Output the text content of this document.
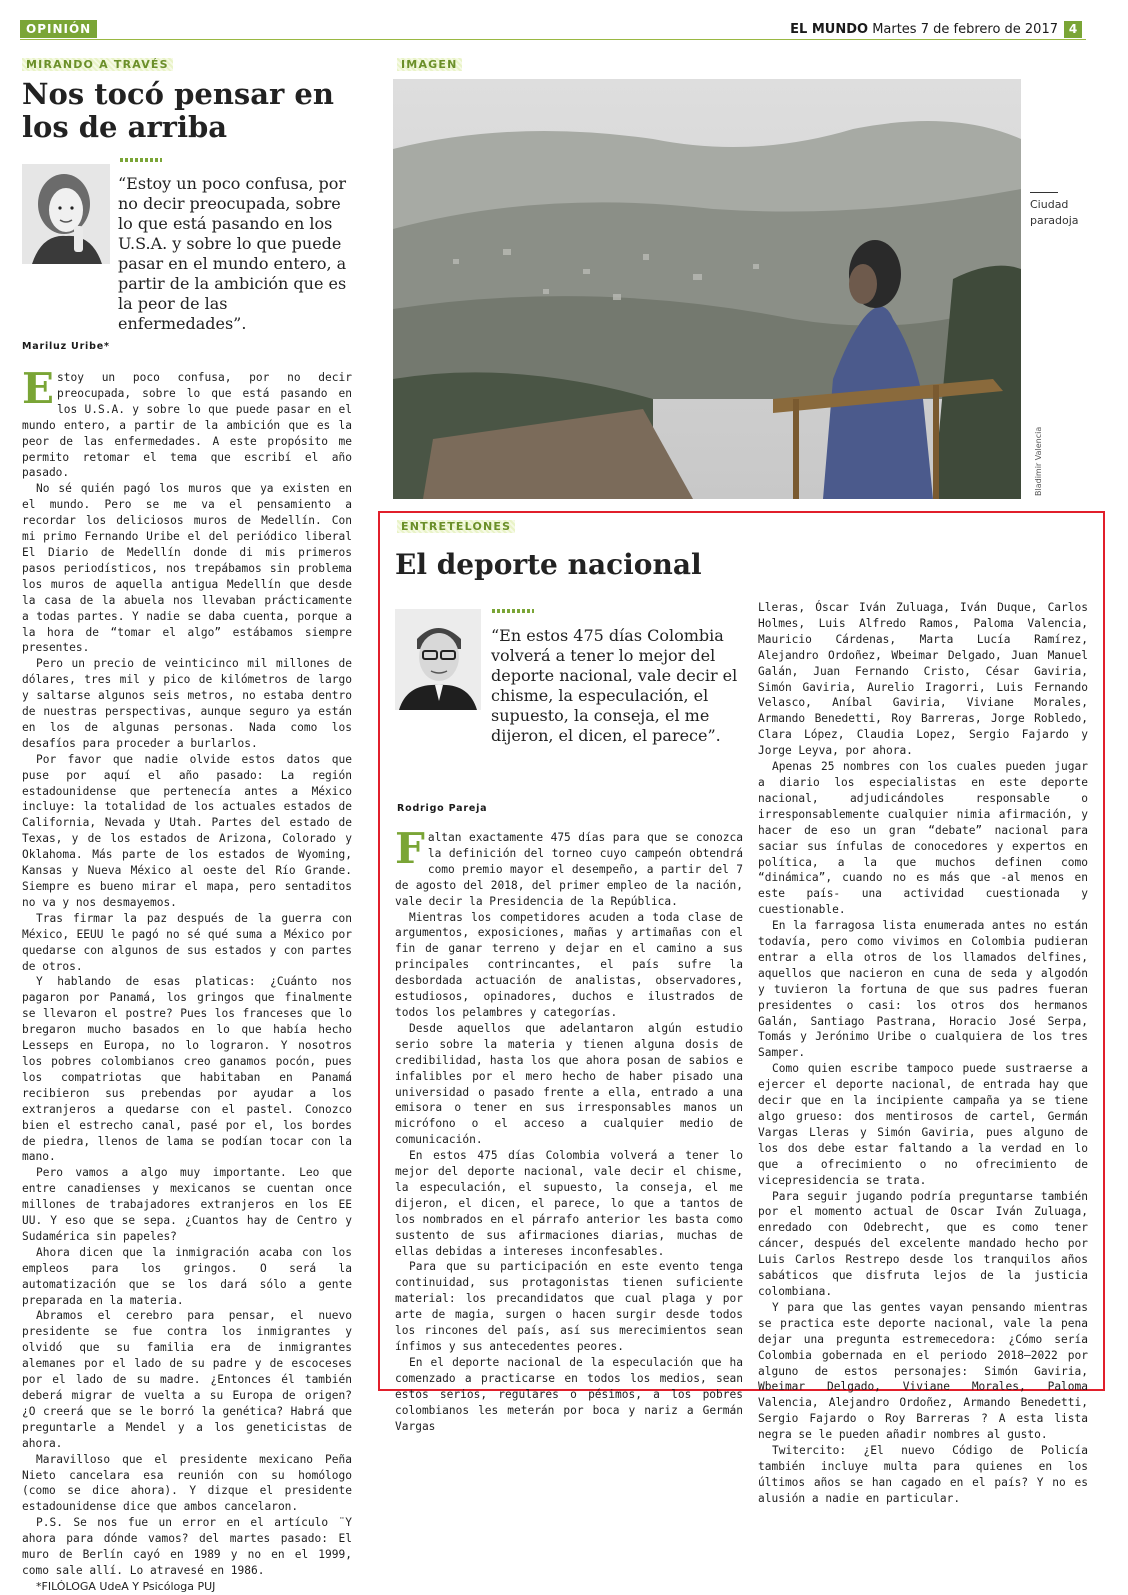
OPINIÓN	EL MUNDO Martes 7 de febrero de 2017 4
MIRANDO A TRAVÉS
Nos tocó pensar en los de arriba

“Estoy un poco confusa, por no decir preocupada, sobre lo que está pasando en los U.S.A. y sobre lo que puede pasar en el mundo entero, a partir de la ambición que es la peor de las enfermedades”.

Mariluz Uribe*

Estoy un poco confusa, por no decir preocupada, sobre lo que está pasando en los U.S.A. y sobre lo que puede pasar en el mundo entero, a partir de la ambición que es la peor de las enfermedades. A este propósito me permito retomar el tema que escribí el año pasado.

No sé quién pagó los muros que ya existen en el mundo. Pero se me va el pensamiento a recordar los deliciosos muros de Medellín. Con mi primo Fernando Uribe el del periódico liberal El Diario de Medellín donde di mis primeros pasos periodísticos, nos trepábamos sin problema los muros de aquella antigua Medellín que desde la casa de la abuela nos llevaban prácticamente a todas partes. Y nadie se daba cuenta, porque a la hora de “tomar el algo” estábamos siempre presentes.

Pero un precio de veinticinco mil millones de dólares, tres mil y pico de kilómetros de largo y saltarse algunos seis metros, no estaba dentro de nuestras perspectivas, aunque seguro ya están en los de algunas personas. Nada como los desafíos para proceder a burlarlos.

Por favor que nadie olvide estos datos que puse por aquí el año pasado: La región estadounidense que pertenecía antes a México incluye: la totalidad de los actuales estados de California, Nevada y Utah. Partes del estado de Texas, y de los estados de Arizona, Colorado y Oklahoma. Más parte de los estados de Wyoming, Kansas y Nueva México al oeste del Río Grande. Siempre es bueno mirar el mapa, pero sentaditos no va y nos desmayemos.

Tras firmar la paz después de la guerra con México, EEUU le pagó no sé qué suma a México por quedarse con algunos de sus estados y con partes de otros.

Y hablando de esas platicas: ¿Cuánto nos pagaron por Panamá, los gringos que finalmente se llevaron el postre? Pues los franceses que lo bregaron mucho basados en lo que había hecho Lesseps en Europa, no lo lograron. Y nosotros los pobres colombianos creo ganamos pocón, pues los compatriotas que habitaban en Panamá recibieron sus prebendas por ayudar a los extranjeros a quedarse con el pastel. Conozco bien el estrecho canal, pasé por el, los bordes de piedra, llenos de lama se podían tocar con la mano.

Pero vamos a algo muy importante. Leo que entre canadienses y mexicanos se cuentan once millones de trabajadores extranjeros en los EE UU. Y eso que se sepa. ¿Cuantos hay de Centro y Sudamérica sin papeles?

Ahora dicen que la inmigración acaba con los empleos para los gringos. O será la automatización que se los dará sólo a gente preparada en la materia.

Abramos el cerebro para pensar, el nuevo presidente se fue contra los inmigrantes y olvidó que su familia era de inmigrantes alemanes por el lado de su padre y de escoceses por el lado de su madre. ¿Entonces él también deberá migrar de vuelta a su Europa de origen? ¿O creerá que se le borró la genética? Habrá que preguntarle a Mendel y a los geneticistas de ahora.

Maravilloso que el presidente mexicano Peña Nieto cancelara esa reunión con su homólogo (como se dice ahora). Y dizque el presidente estadounidense dice que ambos cancelaron.

P.S. Se nos fue un error en el artículo ¨Y ahora para dónde vamos? del martes pasado: El muro de Berlín cayó en 1989 y no en el 1999, como sale allí. Lo atravesé en 1986.

*FILÓLOGA UdeA Y Psicóloga PUJ

IMAGEN
Ciudad paradoja
Bladimir Valencia
ENTRETELONES
El deporte nacional

“En estos 475 días Colombia volverá a tener lo mejor del deporte nacional, vale decir el chisme, la especulación, el supuesto, la conseja, el me dijeron, el dicen, el parece”.

Rodrigo Pareja

Faltan exactamente 475 días para que se conozca la definición del torneo cuyo campeón obtendrá como premio mayor el desempeño, a partir del 7 de agosto del 2018, del primer empleo de la nación, vale decir la Presidencia de la República.

Mientras los competidores acuden a toda clase de argumentos, exposiciones, mañas y artimañas con el fin de ganar terreno y dejar en el camino a sus principales contrincantes, el país sufre la desbordada actuación de analistas, observadores, estudiosos, opinadores, duchos e ilustrados de todos los pelambres y categorías.

Desde aquellos que adelantaron algún estudio serio sobre la materia y tienen alguna dosis de credibilidad, hasta los que ahora posan de sabios e infalibles por el mero hecho de haber pisado una universidad o pasado frente a ella, entrado a una emisora o tener en sus irresponsables manos un micrófono o el acceso a cualquier medio de comunicación.

En estos 475 días Colombia volverá a tener lo mejor del deporte nacional, vale decir el chisme, la especulación, el supuesto, la conseja, el me dijeron, el dicen, el parece, lo que a tantos de los nombrados en el párrafo anterior les basta como sustento de sus afirmaciones diarias, muchas de ellas debidas a intereses inconfesables.

Para que su participación en este evento tenga continuidad, sus protagonistas tienen suficiente material: los precandidatos que cual plaga y por arte de magia, surgen o hacen surgir desde todos los rincones del país, así sus merecimientos sean ínfimos y sus antecedentes peores.

En el deporte nacional de la especulación que ha comenzado a practicarse en todos los medios, sean estos serios, regulares o pésimos, a los pobres colombianos les meterán por boca y nariz a Germán Vargas

Lleras, Óscar Iván Zuluaga, Iván Duque, Carlos Holmes, Luis Alfredo Ramos, Paloma Valencia, Mauricio Cárdenas, Marta Lucía Ramírez, Alejandro Ordoñez, Wbeimar Delgado, Juan Manuel Galán, Juan Fernando Cristo, César Gaviria, Simón Gaviria, Aurelio Iragorri, Luis Fernando Velasco, Aníbal Gaviria, Viviane Morales, Armando Benedetti, Roy Barreras, Jorge Robledo, Clara López, Claudia Lopez, Sergio Fajardo y Jorge Leyva, por ahora.

Apenas 25 nombres con los cuales pueden jugar a diario los especialistas en este deporte nacional, adjudicándoles responsable o irresponsablemente cualquier nimia afirmación, y hacer de eso un gran “debate” nacional para saciar sus ínfulas de conocedores y expertos en política, a la que muchos definen como “dinámica”, cuando no es más que -al menos en este país- una actividad cuestionada y cuestionable.

En la farragosa lista enumerada antes no están todavía, pero como vivimos en Colombia pudieran entrar a ella otros de los llamados delfines, aquellos que nacieron en cuna de seda y algodón y tuvieron la fortuna de que sus padres fueran presidentes o casi: los otros dos hermanos Galán, Santiago Pastrana, Horacio José Serpa, Tomás y Jerónimo Uribe o cualquiera de los tres Samper.

Como quien escribe tampoco puede sustraerse a ejercer el deporte nacional, de entrada hay que decir que en la incipiente campaña ya se tiene algo grueso: dos mentirosos de cartel, Germán Vargas Lleras y Simón Gaviria, pues alguno de los dos debe estar faltando a la verdad en lo que a ofrecimiento o no ofrecimiento de vicepresidencia se trata.

Para seguir jugando podría preguntarse también por el momento actual de Oscar Iván Zuluaga, enredado con Odebrecht, que es como tener cáncer, después del excelente mandado hecho por Luis Carlos Restrepo desde los tranquilos años sabáticos que disfruta lejos de la justicia colombiana.

Y para que las gentes vayan pensando mientras se practica este deporte nacional, vale la pena dejar una pregunta estremecedora: ¿Cómo sería Colombia gobernada en el periodo 2018—2022 por alguno de estos personajes: Simón Gaviria, Wbeimar Delgado, Viviane Morales, Paloma Valencia, Alejandro Ordoñez, Armando Benedetti, Sergio Fajardo o Roy Barreras ? A esta lista negra se le pueden añadir nombres al gusto.

Twitercito: ¿El nuevo Código de Policía también incluye multa para quienes en los últimos años se han cagado en el país? Y no es alusión a nadie en particular.
